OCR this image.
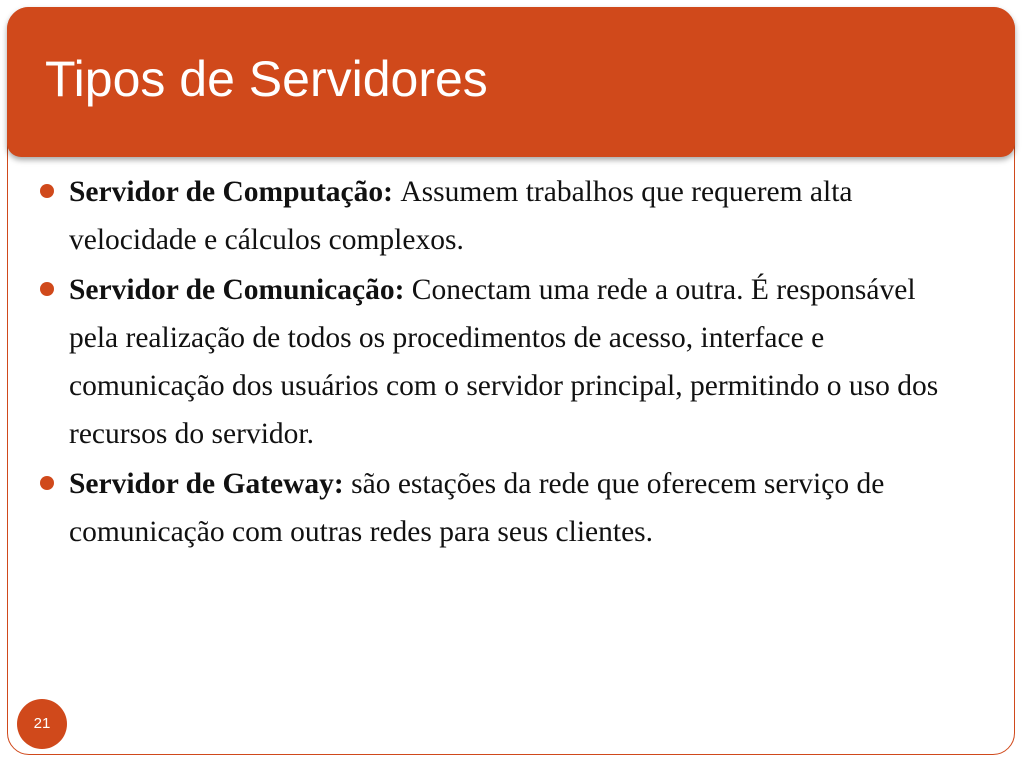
Tipos de Servidores
Servidor de Computação: Assumem trabalhos que requerem alta velocidade e cálculos complexos.
Servidor de Comunicação: Conectam uma rede a outra. É responsável pela realização de todos os procedimentos de acesso, interface e comunicação dos usuários com o servidor principal, permitindo o uso dos recursos do servidor.
Servidor de Gateway: são estações da rede que oferecem serviço de comunicação com outras redes para seus clientes.
21
